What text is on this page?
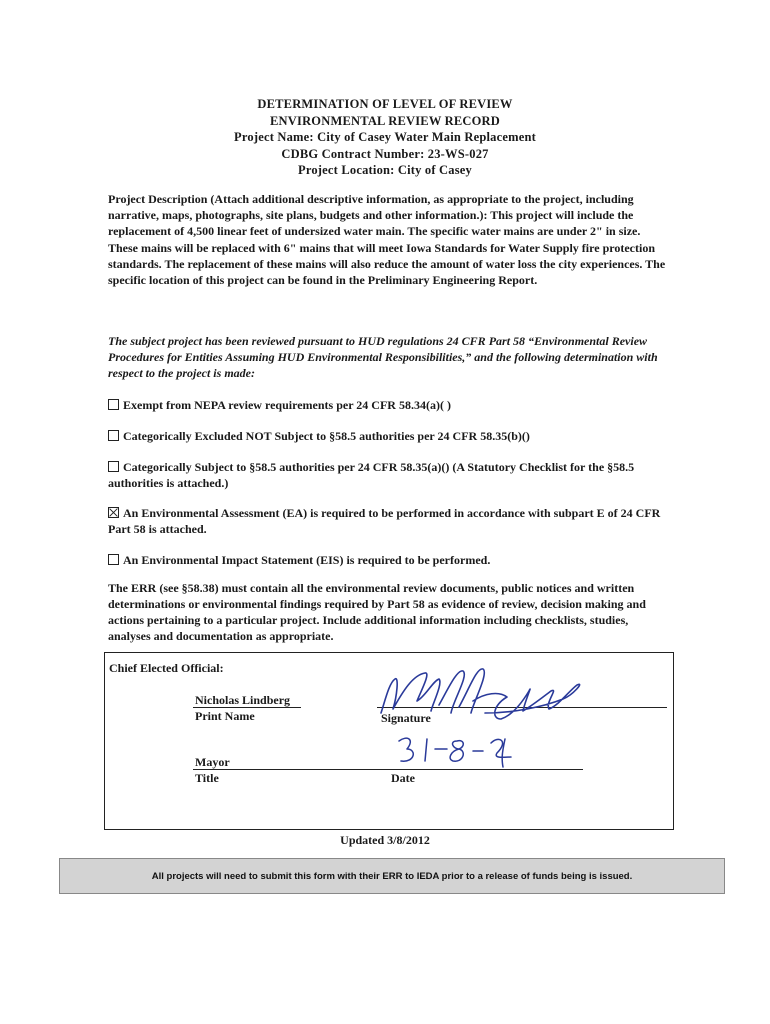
DETERMINATION OF LEVEL OF REVIEW
ENVIRONMENTAL REVIEW RECORD
Project Name: City of Casey Water Main Replacement
CDBG Contract Number: 23-WS-027
Project Location: City of Casey
Project Description (Attach additional descriptive information, as appropriate to the project, including narrative, maps, photographs, site plans, budgets and other information.): This project will include the replacement of 4,500 linear feet of undersized water main. The specific water mains are under 2" in size. These mains will be replaced with 6" mains that will meet Iowa Standards for Water Supply fire protection standards. The replacement of these mains will also reduce the amount of water loss the city experiences. The specific location of this project can be found in the Preliminary Engineering Report.
The subject project has been reviewed pursuant to HUD regulations 24 CFR Part 58 “Environmental Review Procedures for Entities Assuming HUD Environmental Responsibilities,” and the following determination with respect to the project is made:
Exempt from NEPA review requirements per 24 CFR 58.34(a)( )
Categorically Excluded NOT Subject to §58.5 authorities per 24 CFR 58.35(b)()
Categorically Subject to §58.5 authorities per 24 CFR 58.35(a)() (A Statutory Checklist for the §58.5 authorities is attached.)
An Environmental Assessment (EA) is required to be performed in accordance with subpart E of 24 CFR Part 58 is attached.
An Environmental Impact Statement (EIS) is required to be performed.
The ERR (see §58.38) must contain all the environmental review documents, public notices and written determinations or environmental findings required by Part 58 as evidence of review, decision making and actions pertaining to a particular project. Include additional information including checklists, studies, analyses and documentation as appropriate.
Chief Elected Official:
Nicholas Lindberg
Print Name	Signature
Mayor
Title	Date
Updated 3/8/2012
All projects will need to submit this form with their ERR to IEDA prior to a release of funds being is issued.
